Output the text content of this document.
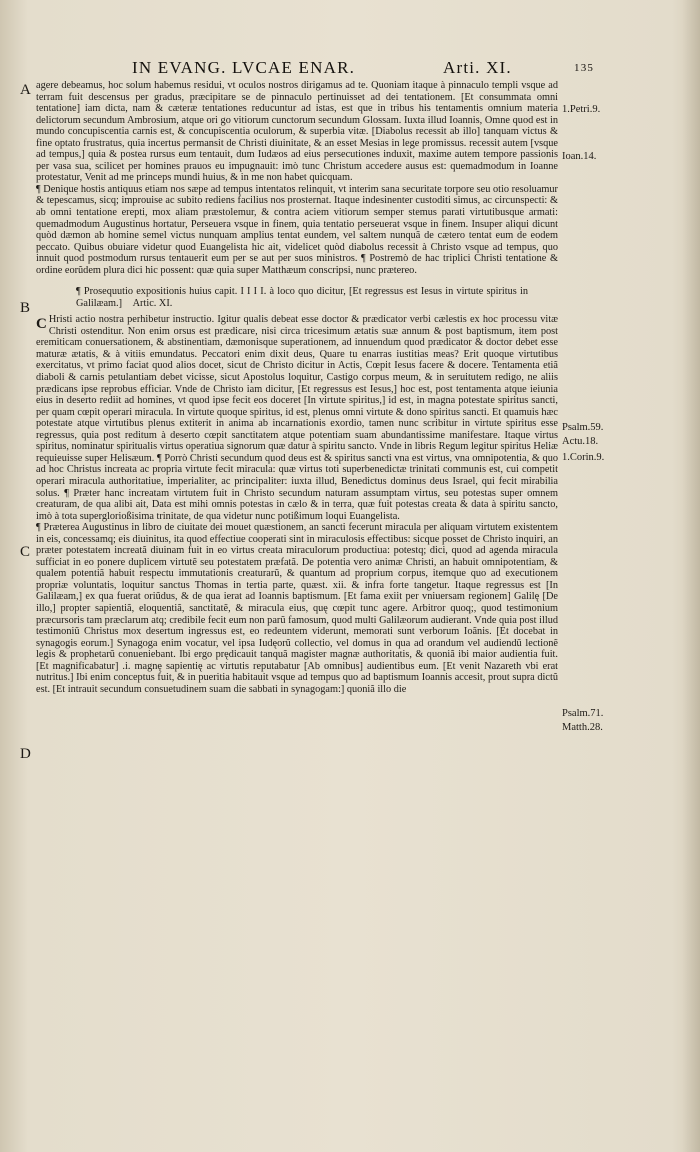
IN EVANG. LVCAE ENAR.	Arti. XI.	135
A
B
C
D
1.Petri.9.
Ioan.14.
Psalm.59.
Actu.18.
1.Corin.9.
Psalm.71.
Matth.28.

agere debeamus, hoc solum habemus residui, vt oculos nostros dirigamus ad te. Quoniam itaque à pinnaculo templi vsque ad terram fuit descensus per gradus, præcipitare se de pinnaculo pertinuisset ad dei tentationem. [Et consummata omni tentatione] iam dicta, nam & cæteræ tentationes reducuntur ad istas, est que in tribus his tentamentis omnium materia delictorum secundum Ambrosium, atque ori go vitiorum cunctorum secundum Glossam. Iuxta illud Ioannis, Omne quod est in mundo concupiscentia carnis est, & concupiscentia oculorum, & superbia vitæ. [Diabolus recessit ab illo] tanquam victus & fine optato frustratus, quia incertus permansit de Christi diuinitate, & an esset Mesias in lege promissus. recessit autem [vsque ad tempus,] quia & postea rursus eum tentauit, dum Iudæos ad eius persecutiones induxit, maxime autem tempore passionis per vasa sua, scilicet per homines prauos eu impugnauit: imò tunc Christum accedere ausus est: quemadmodum in Ioanne protestatur, Venit ad me princeps mundi huius, & in me non habet quicquam.

¶ Denique hostis antiquus etiam nos sæpe ad tempus intentatos relinquit, vt interim sana securitate torpore seu otio resoluamur & tepescamus, sicq; improuise ac subito rediens facilius nos prosternat. Itaque indesinenter custoditi simus, ac circunspecti: & ab omni tentatione erepti, mox aliam præstolemur, & contra aciem vitiorum semper stemus parati virtutibusque armati: quemadmodum Augustinus hortatur, Perseuera vsque in finem, quia tentatio perseuerat vsque in finem. Insuper aliqui dicunt quòd dæmon ab homine semel victus nunquam amplius tentat eundem, vel saltem nunquã de cætero tentat eum de eodem peccato. Quibus obuiare videtur quod Euangelista hic ait, videlicet quòd diabolus recessit à Christo vsque ad tempus, quo innuit quod postmodum rursus tentauerit eum per se aut per suos ministros. ¶ Postremò de hac triplici Christi tentatione & ordine eorũdem plura dici hic possent: quæ quia super Matthæum conscripsi, nunc prætereo.

¶ Prosequutio expositionis huius capit. I I I I. à loco quo dicitur, [Et regressus est Iesus in virtute spiritus in Galilæam.] Artic. XI.

C Hristi actio nostra perhibetur instructio. Igitur qualis debeat esse doctor & prædicator verbi cælestis ex hoc processu vitæ Christi ostenditur. Non enim orsus est prædicare, nisi circa tricesimum ætatis suæ annum & post baptismum, item post eremiticam conuersationem, & abstinentiam, dæmonisque superationem, ad innuendum quod prædicator & doctor debet esse maturæ ætatis, & à vitiis emundatus. Peccatori enim dixit deus, Quare tu enarras iustitias meas? Erit quoque virtutibus exercitatus, vt primo faciat quod alios docet, sicut de Christo dicitur in Actis, Cœpit Iesus facere & docere. Tentamenta etiã diaboli & carnis petulantiam debet vicisse, sicut Apostolus loquitur, Castigo corpus meum, & in seruitutem redigo, ne aliis prædicans ipse reprobus efficiar. Vnde de Christo iam dicitur, [Et regressus est Iesus,] hoc est, post tentamenta atque ieiunia eius in deserto rediit ad homines, vt quod ipse fecit eos doceret [In virtute spiritus,] id est, in magna potestate spiritus sancti, per quam cœpit operari miracula. In virtute quoque spiritus, id est, plenus omni virtute & dono spiritus sancti. Et quamuis hæc potestate atque virtutibus plenus extiterit in anima ab incarnationis exordio, tamen nunc scribitur in virtute spiritus esse regressus, quia post reditum à deserto cœpit sanctitatem atque potentiam suam abundantissime manifestare. Itaque virtus spiritus, nominatur spiritualis virtus operatiua signorum quæ datur à spiritu sancto. Vnde in libris Regum legitur spiritus Heliæ requieuisse super Helisæum. ¶ Porrò Christi secundum quod deus est & spiritus sancti vna est virtus, vna omnipotentia, & quo ad hoc Christus increata ac propria virtute fecit miracula: quæ virtus toti superbenedictæ trinitati communis est, cui competit operari miracula authoritatiue, imperialiter, ac principaliter: iuxta illud, Benedictus dominus deus Israel, qui fecit mirabilia solus. ¶ Præter hanc increatam virtutem fuit in Christo secundum naturam assumptam virtus, seu potestas super omnem creaturam, de qua alibi ait, Data est mihi omnis potestas in cælo & in terra, quæ fuit potestas creata & data à spiritu sancto, imò à tota superglorioßisima trinitate, de qua videtur nunc potißimum loqui Euangelista.

¶ Præterea Augustinus in libro de ciuitate dei mouet quæstionem, an sancti fecerunt miracula per aliquam virtutem existentem in eis, concessamq; eis diuinitus, ita quod effectiue cooperati sint in miraculosis effectibus: sicque posset de Christo inquiri, an præter potestatem increatã diuinam fuit in eo virtus creata miraculorum productiua: potestq; dici, quod ad agenda miracula sufficiat in eo ponere duplicem virtutẽ seu potestatem præfatã. De potentia vero animæ Christi, an habuit omnipotentiam, & qualem potentiã habuit respectu immutationis creaturarũ, & quantum ad proprium corpus, itemque quo ad executionem propriæ voluntatis, loquitur sanctus Thomas in tertia parte, quæst. xii. & infra forte tangetur. Itaque regressus est [In Galilæam,] ex qua fuerat oriũdus, & de qua ierat ad Ioannis baptismum. [Et fama exiit per vniuersam regionem] Galilę [De illo,] propter sapientiã, eloquentiã, sanctitatẽ, & miracula eius, quę cœpit tunc agere. Arbitror quoq;, quod testimonium præcursoris tam præclarum atq; credibile fecit eum non parũ famosum, quod multi Galilæorum audierant. Vnde quia post illud testimoniũ Christus mox desertum ingressus est, eo redeuntem viderunt, memorati sunt verborum Ioãnis. [Et docebat in synagogis eorum.] Synagoga enim vocatur, vel ipsa Iudęorũ collectio, vel domus in qua ad orandum vel audiendũ lectionẽ legis & prophetarũ conueniebant. Ibi ergo prędicauit tanquã magister magnæ authoritatis, & quoniã ibi maior audientia fuit. [Et magnificabatur] .i. magnę sapientię ac virtutis reputabatur [Ab omnibus] audientibus eum. [Et venit Nazareth vbi erat nutritus.] Ibi enim conceptus fuit, & in pueritia habitauit vsque ad tempus quo ad baptismum Ioannis accesit, prout supra dictũ est. [Et intrauit secundum consuetudinem suam die sabbati in synagogam:] quoniã illo die
